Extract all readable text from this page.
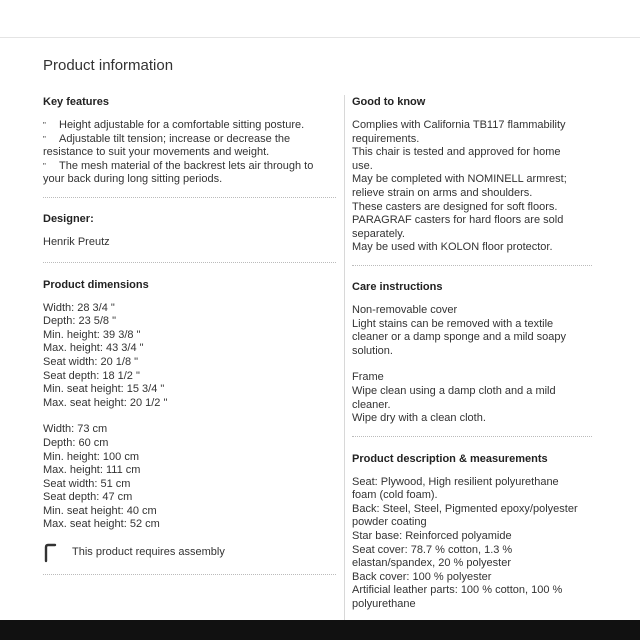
Product information
Key features
" Height adjustable for a comfortable sitting posture.
" Adjustable tilt tension; increase or decrease the resistance to suit your movements and weight.
" The mesh material of the backrest lets air through to your back during long sitting periods.
Designer:
Henrik Preutz
Product dimensions
Width: 28 3/4 "
Depth: 23 5/8 "
Min. height: 39 3/8 "
Max. height: 43 3/4 "
Seat width: 20 1/8 "
Seat depth: 18 1/2 "
Min. seat height: 15 3/4 "
Max. seat height: 20 1/2 "
Width: 73 cm
Depth: 60 cm
Min. height: 100 cm
Max. height: 111 cm
Seat width: 51 cm
Seat depth: 47 cm
Min. seat height: 40 cm
Max. seat height: 52 cm
This product requires assembly
Good to know
Complies with California TB117 flammability
requirements.
This chair is tested and approved for home
use.
May be completed with NOMINELL armrest;
relieve strain on arms and shoulders.
These casters are designed for soft floors.
PARAGRAF casters for hard floors are sold
separately.
May be used with KOLON floor protector.
Care instructions
Non-removable cover
Light stains can be removed with a textile
cleaner or a damp sponge and a mild soapy
solution.
Frame
Wipe clean using a damp cloth and a mild
cleaner.
Wipe dry with a clean cloth.
Product description & measurements
Seat: Plywood, High resilient polyurethane
foam (cold foam).
Back: Steel, Steel, Pigmented epoxy/polyester
powder coating
Star base: Reinforced polyamide
Seat cover: 78.7 % cotton, 1.3 %
elastan/spandex, 20 % polyester
Back cover: 100 % polyester
Artificial leather parts: 100 % cotton, 100 %
polyurethane
